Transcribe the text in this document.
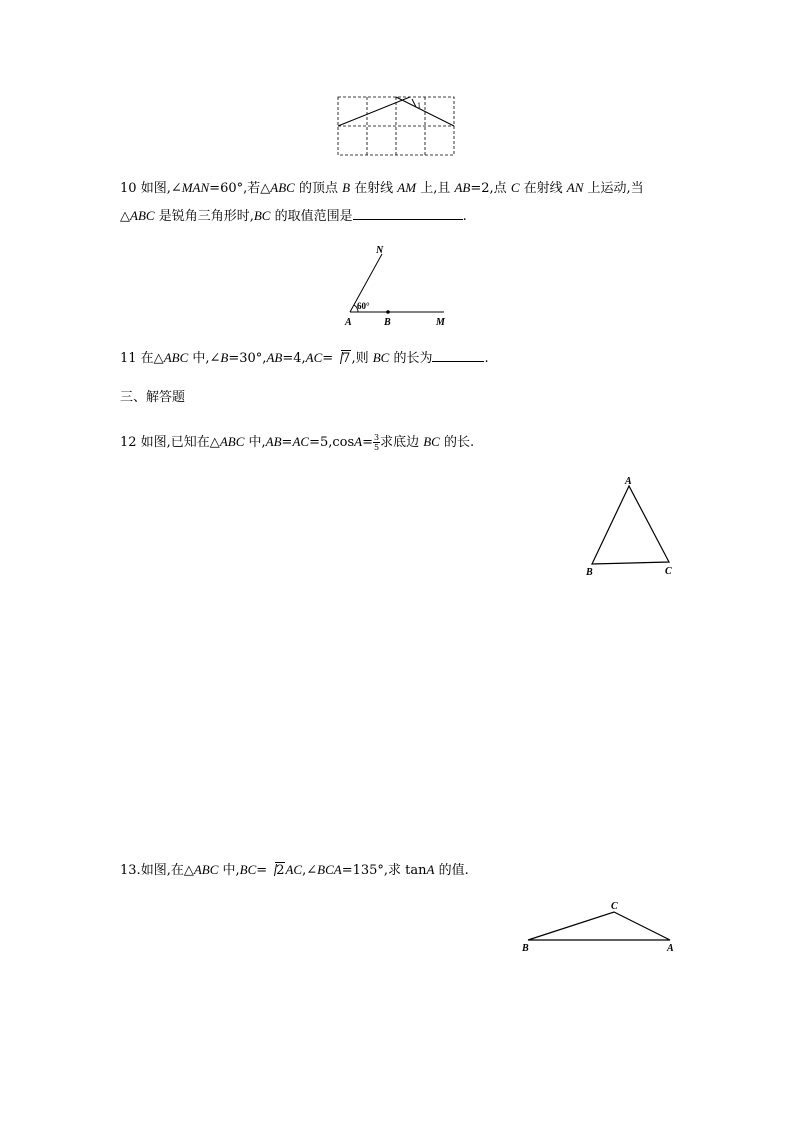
1
10 如图,∠MAN=60°,若△ABC 的顶点 B 在射线 AM 上,且 AB=2,点 C 在射线 AN 上运动,当
△ABC 是锐角三角形时,BC 的取值范围是	.
N
60°
A	B	M
11 在△ABC 中,∠B=30°,AB=4,AC= 7,则 BC 的长为	.
三、解答题
12 如图,已知在△ABC 中$,AB=AC=5,\cos A= \frac{3}{5}$ 求底边 BC 的长.
A
B	C
13.如图,在△ABC 中,BC= 2AC,∠BCA=135°,求 tanA 的值.
C
B	A
